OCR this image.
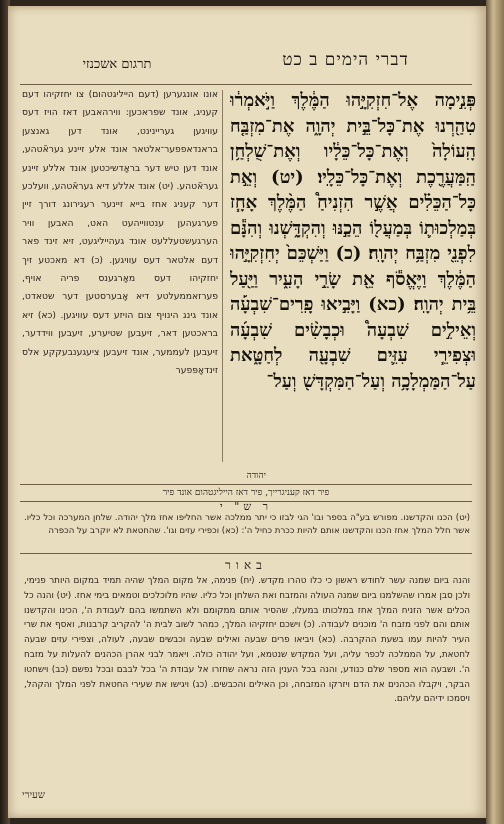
תרגום אשכנזי	דברי הימים ב כט

אונו אונגערען (דעם הייליגטהום) צו יחזקיהו דעם קעניג, אונד שפראכען: ווירהאבען דאז הויז דעס עוויגען געריינינט, אונד דען גאנצען בראנדאפפער־אלטאר אונד אלע זיינע געראֿטהע, אונד דען טיש דער בראָדשיכטען אונד אללע זיינע געראֿטהע. (יט) אונד אללע דיא געראֿטהע, וועלכע דער קעניג אחז בייא זיינער רעגירונג דורך זיין פערגעהען ענטווייהעט האט, האבען וויר הערגעשטעללעט אונד געהייליגעט, זיא זינד פאר דעם אלטאר דעס עוויגען. (כ) דא מאכטע זיך יחזקיהו דעס מאָרגענס פריה אויף, פערזאממעלטע דיא אָבערסטען דער שטאדט, אונד גינג הינויף צום הויזע דעס עוויגען. (כא) זיא בראכטען דאר, זיעבען שטיערע, זיעבען ווידדער, זיעבען לעממער, אונד זיעבען ציעגענבעקקע אלס זינדאָפּפער

פְּנִ֣ימָה אֶל־חִזְקִיָּ֣הוּ הַמֶּ֔לֶךְ וַיֹּ֣אמְר֔וּ טִהַ֖רְנוּ אֶת־כָּל־בֵּ֣ית יְהוָ֑ה אֶת־מִזְבַּ֤ח הָֽעוֹלָה֙ וְאֶת־כָּל־כֵּלָ֔יו וְאֶת־שֻׁלְחַ֥ן הַֽמַּעֲרֶ֖כֶת וְאֶת־כָּל־כֵּלָֽיו׃ (יט) וְאֵ֣ת כָּל־הַכֵּלִ֗ים אֲשֶׁ֣ר הִזְנִיחַ֩ הַמֶּ֨לֶךְ אָחָ֧ז בְּמַלְכוּת֛וֹ בְּמַעֲל֖וֹ הֵכַ֣נּוּ וְהִקְדָּ֑שְׁנוּ וְהִנָּ֕ם לִפְנֵ֖י מִזְבַּ֥ח יְהוָֽה׃ (כ) וַיַּשְׁכֵּם֙ יְחִזְקִיָּ֣הוּ הַמֶּ֔לֶךְ וַיֶּאֱסֹ֕ף אֵ֖ת שָׂרֵ֣י הָעִ֑יר וַיַּ֖עַל בֵּ֥ית יְהוָֽה׃ (כא) וַיָּבִ֣יאוּ פָֽרִים־שִׁבְעָ֡ה וְאֵילִ֣ים שִׁבְעָה֩ וּכְבָשִׂ֨ים שִׁבְעָ֜ה וּצְפִירֵ֧י עִזִּ֛ים שִׁבְעָ֖ה לְחַטָּ֑את עַל־הַמַּמְלָכָ֥ה וְעַל־הַמִּקְדָּשׁ֖ וְעַל־
יהודה
פיר דאז קעניגרייך, פיר דאז הייליגטהום אונד פיר
ר ש" י
(יט) הכנו והקדשנו. מפורש בע"ה בספר ובו' הגי לבזו כי יתר ממלכה אשר החליפו אחז מלך יהודה. שלחן המערכה וכל כליו. אשר חלל המלך אחז הכנו והקדשנו אותם להיות ככרת כחיל ה': (כא) וכפירי עזים וגו'. שהחטאת לא יוקרב על הכפרה
באור
והנה ביום שמנה עשר לחודש ראשון כי כלו טהרו מקדש. (יח) פנימה, אל מקום המלך שהיה תמיד במקום היותר פנימי, ולכן סבן אמרו שהשלמנו ביום שמנה העולה והמזבח ואת השלחן וכל כליו. שהיו מלוכלכים וטמאים בימי אחז. (יט) והנה כל הכלים אשר הזניח המלך אחז במלכותו במעלו, שהסיר אותם ממקומם ולא השתמשו בהם לעבודת ה', הכינו והקדשנו אותם והם לפני מזבח ה' מוכנים לעבודה. (כ) וישכם יחזקיהו המלך, כמהר לשוב לבית ה' להקריב קרבנות, ואסף את שרי העיר להיות עמו בשעת ההקרבה. (כא) ויביאו פרים שבעה ואילים שבעה וכבשים שבעה, לעולה, וצפירי עזים שבעה לחטאת, על הממלכה לכפר עליה, ועל המקדש שנטמא, ועל יהודה כולה. ויאמר לבני אהרן הכהנים להעלות על מזבח ה'. ושבעה הוא מספר שלם כנודע, והנה בכל הענין הזה נראה שחזרו אל עבודת ה' בכל לבבם ובכל נפשם (כב) וישחטו הבקר, ויקבלו הכהנים את הדם ויזרקו המזבחה, וכן האילים והכבשים. (כג) ויגישו את שעירי החטאת לפני המלך והקהל, ויסמכו ידיהם עליהם.
שעירי
